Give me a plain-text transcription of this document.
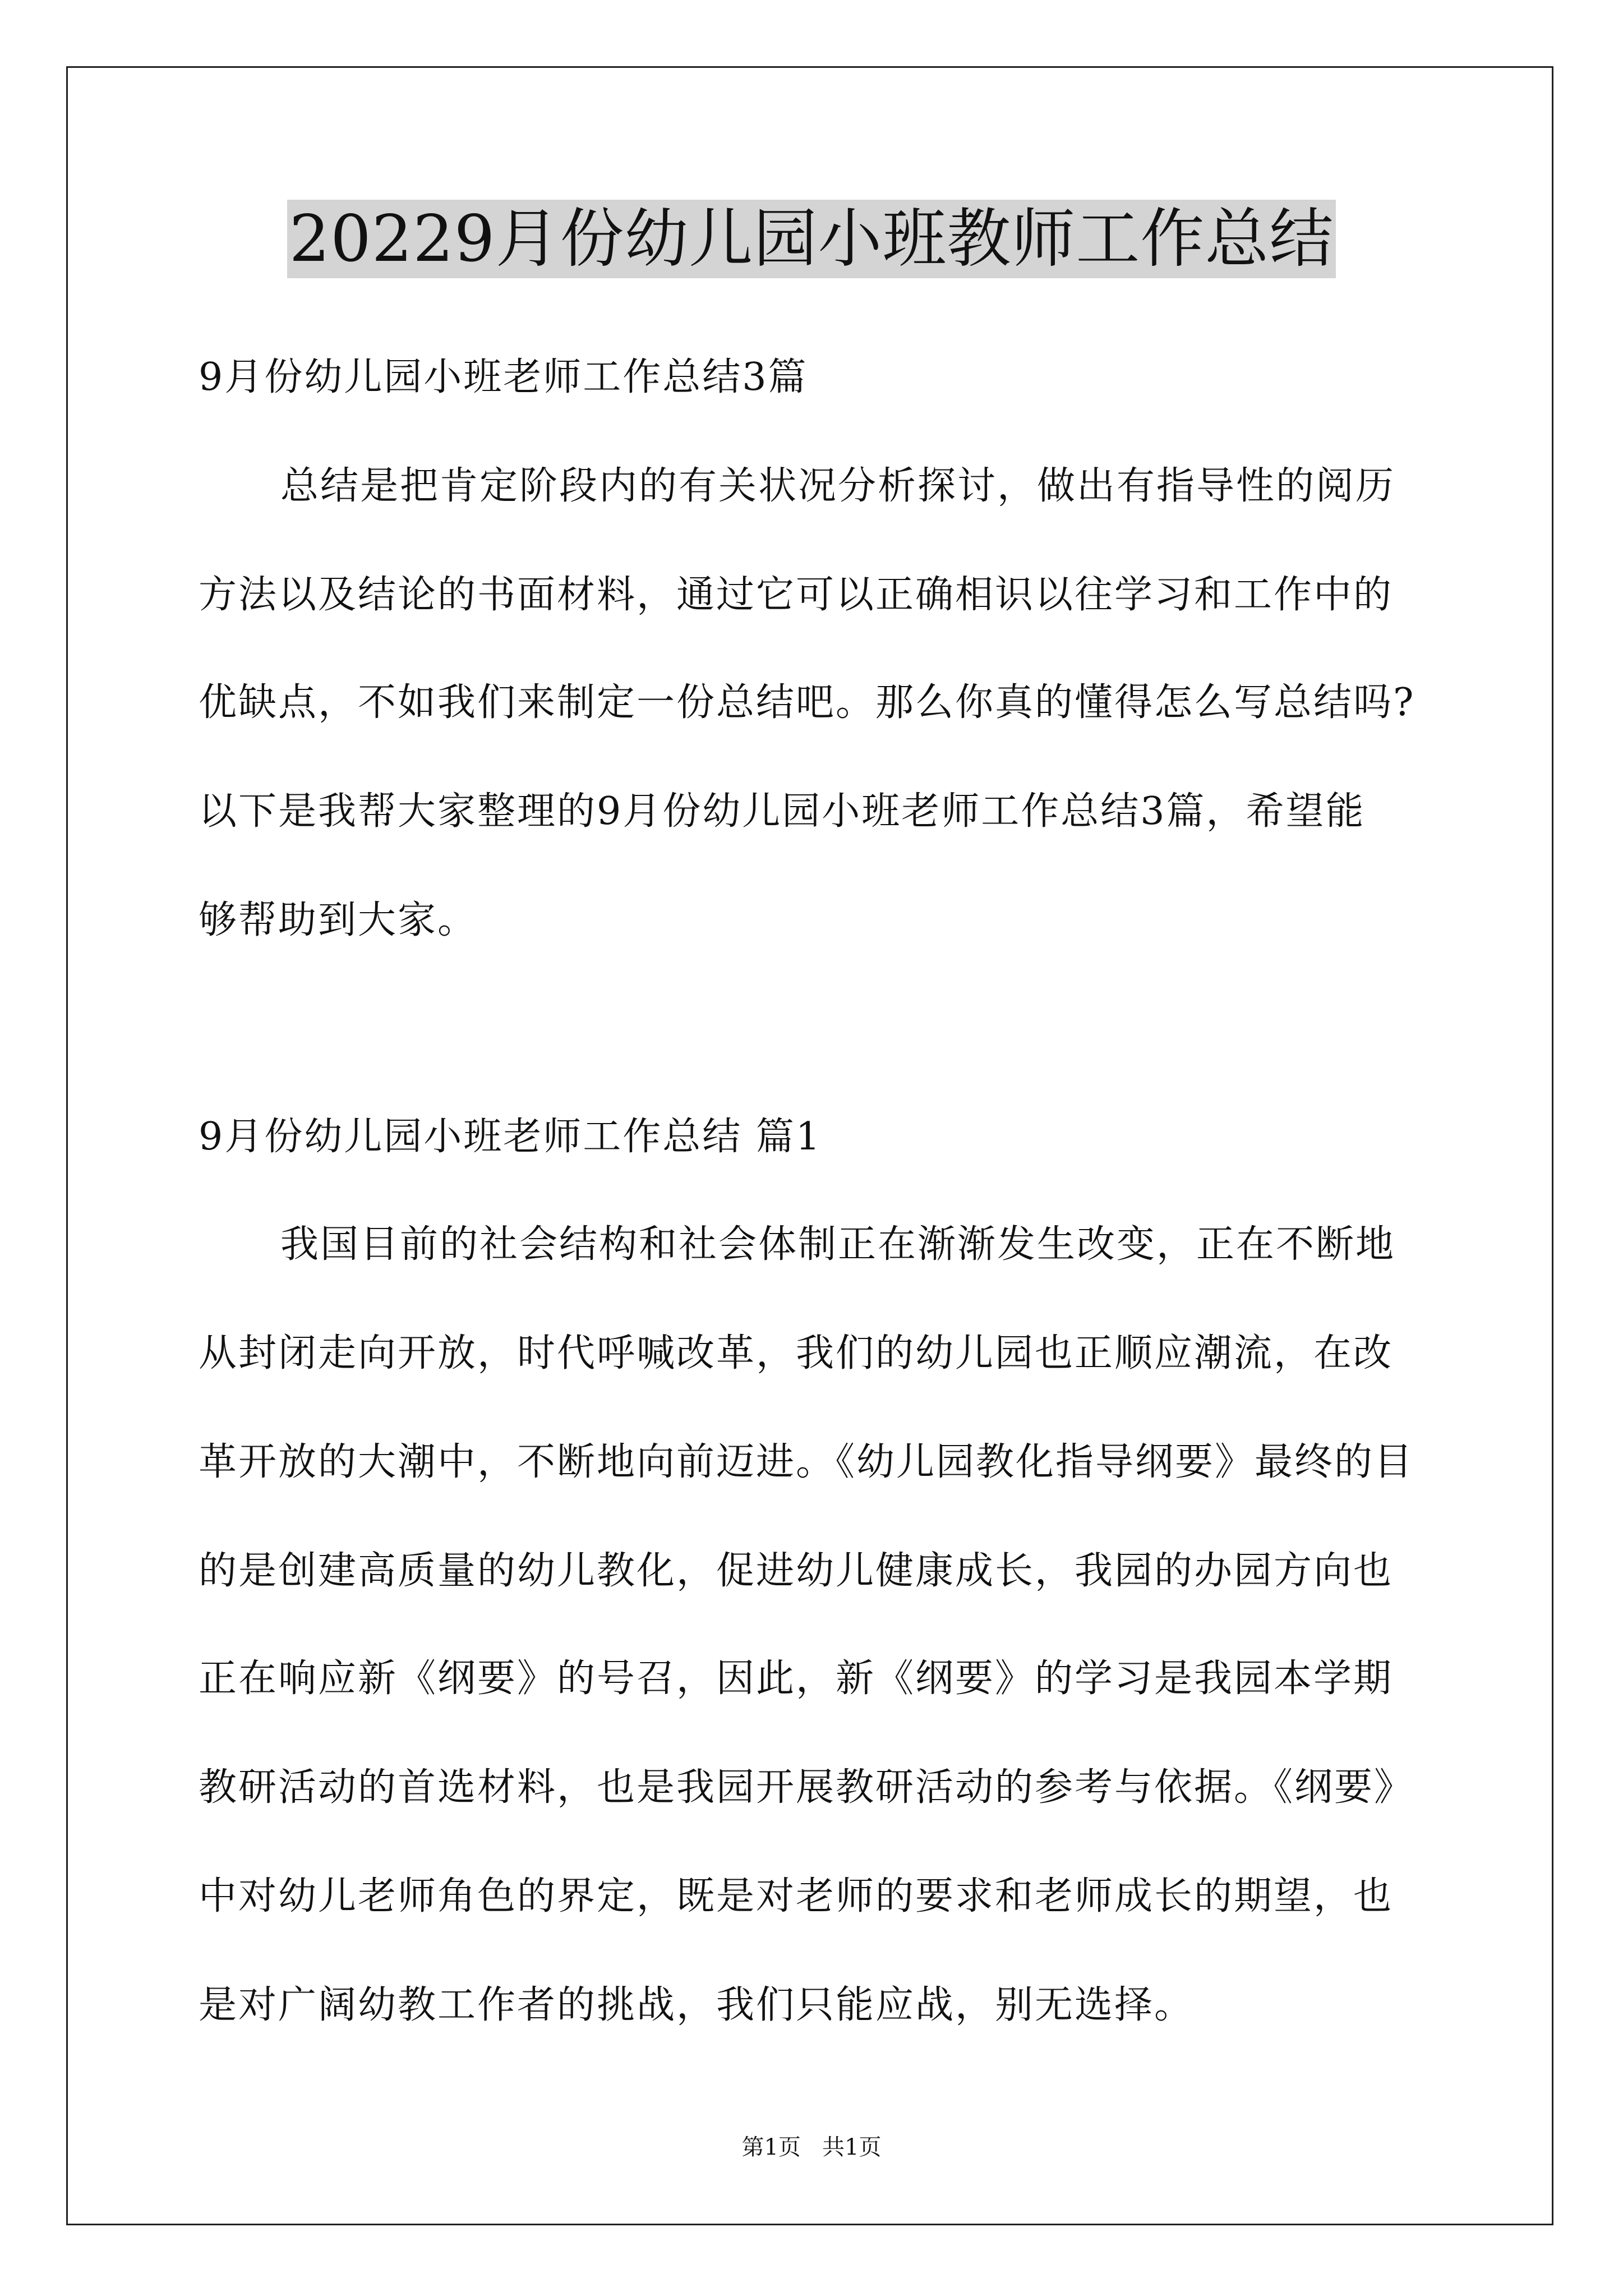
20229月份幼儿园小班教师工作总结
9月份幼儿园小班老师工作总结3篇
总结是把肯定阶段内的有关状况分析探讨，做出有指导性的阅历
方法以及结论的书面材料，通过它可以正确相识以往学习和工作中的
优缺点，不如我们来制定一份总结吧。那么你真的懂得怎么写总结吗?
以下是我帮大家整理的9月份幼儿园小班老师工作总结3篇，希望能
够帮助到大家。
9月份幼儿园小班老师工作总结 篇1
我国目前的社会结构和社会体制正在渐渐发生改变，正在不断地
从封闭走向开放，时代呼喊改革，我们的幼儿园也正顺应潮流，在改
革开放的大潮中，不断地向前迈进。《幼儿园教化指导纲要》最终的目
的是创建高质量的幼儿教化，促进幼儿健康成长，我园的办园方向也
正在响应新《纲要》的号召，因此，新《纲要》的学习是我园本学期
教研活动的首选材料，也是我园开展教研活动的参考与依据。《纲要》
中对幼儿老师角色的界定，既是对老师的要求和老师成长的期望，也
是对广阔幼教工作者的挑战，我们只能应战，别无选择。
第1页   共1页
